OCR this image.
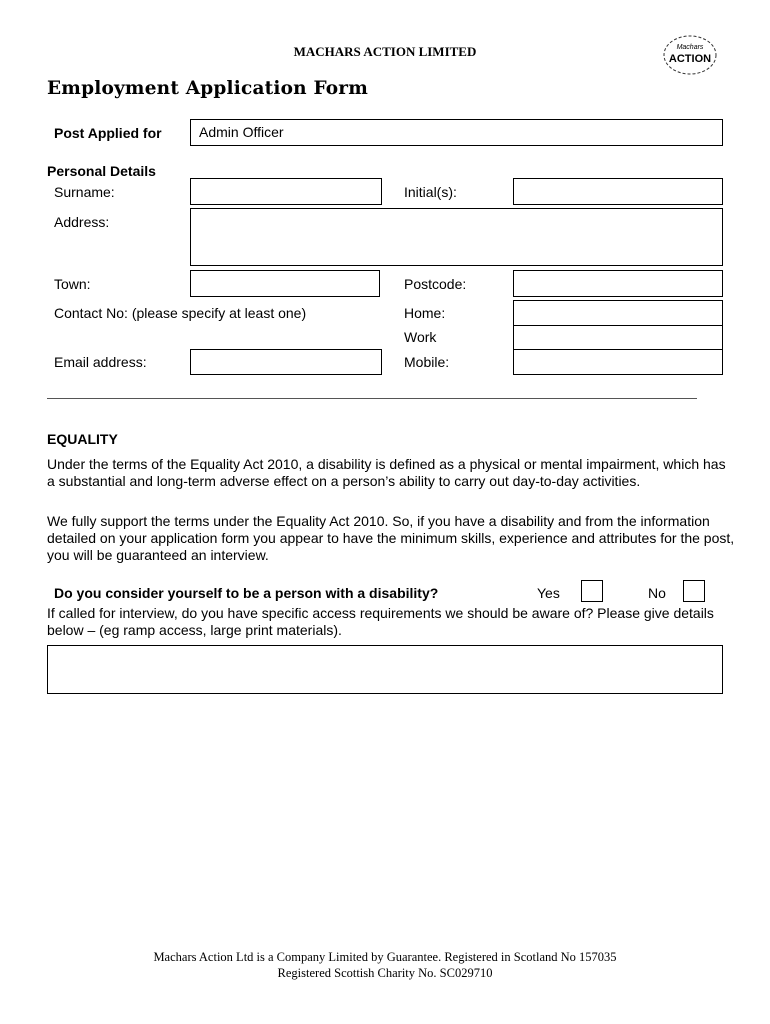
MACHARS ACTION LIMITED	Machars
ACTION
Employment Application Form
Post Applied for	Admin Officer
Personal Details
Surname:	Initial(s):
Address:
Town:	Postcode:
Contact No: (please specify at least one)	Home:
Work
Email address:	Mobile:
EQUALITY
Under the terms of the Equality Act 2010, a disability is defined as a physical or mental impairment, which has a substantial and long-term adverse effect on a person’s ability to carry out day-to-day activities.
We fully support the terms under the Equality Act 2010. So, if you have a disability and from the information detailed on your application form you appear to have the minimum skills, experience and attributes for the post, you will be guaranteed an interview.
Do you consider yourself to be a person with a disability?	Yes	No
If called for interview, do you have specific access requirements we should be aware of? Please give details below – (eg ramp access, large print materials).
Machars Action Ltd is a Company Limited by Guarantee. Registered in Scotland No 157035
Registered Scottish Charity No. SC029710
